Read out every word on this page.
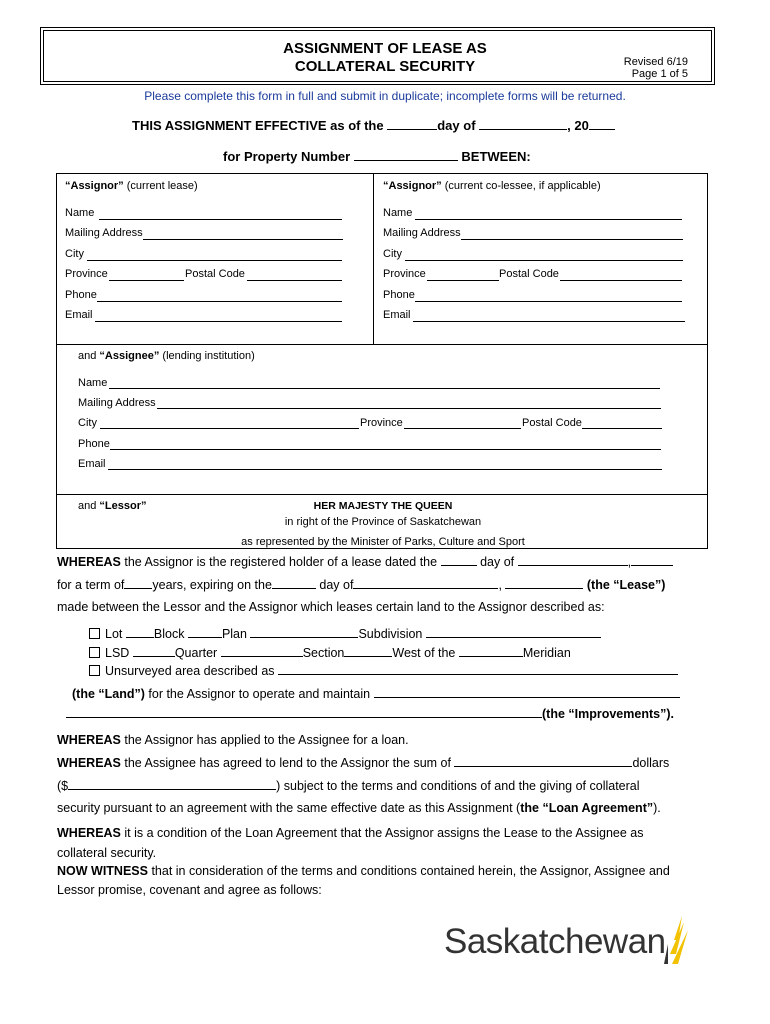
ASSIGNMENT OF LEASE AS
COLLATERAL SECURITY	Revised 6/19
Page 1 of 5
Please complete this form in full and submit in duplicate; incomplete forms will be returned.
THIS ASSIGNMENT EFFECTIVE as of the	day of	, 20
for Property Number	BETWEEN:
“Assignor” (current lease)
Name
Mailing Address
City
Province	Postal Code
Phone
Email
“Assignor” (current co-lessee, if applicable)
Name
Mailing Address
City
Province	Postal Code
Phone
Email
and “Assignee” (lending institution)
Name
Mailing Address
City	Province	Postal Code
Phone
Email
and “Lessor”	HER MAJESTY THE QUEEN
in right of the Province of Saskatchewan
as represented by the Minister of Parks, Culture and Sport
WHEREAS the Assignor is the registered holder of a lease dated the	day of	,
for a term of years, expiring on the	day of	,	(the “Lease”)
made between the Lessor and the Assignor which leases certain land to the Assignor described as:
Lot	Block	Plan	Subdivision
LSD	Quarter	Section	West of the	Meridian
Unsurveyed area described as
(the “Land”) for the Assignor to operate and maintain
(the “Improvements”).
WHEREAS the Assignor has applied to the Assignee for a loan.
WHEREAS the Assignee has agreed to lend to the Assignor the sum of	dollars
($	) subject to the terms and conditions of and the giving of collateral
security pursuant to an agreement with the same effective date as this Assignment (the “Loan Agreement”).
WHEREAS it is a condition of the Loan Agreement that the Assignor assigns the Lease to the Assignee as
collateral security.
NOW WITNESS that in consideration of the terms and conditions contained herein, the Assignor, Assignee and
Lessor promise, covenant and agree as follows:
Saskatchewan
